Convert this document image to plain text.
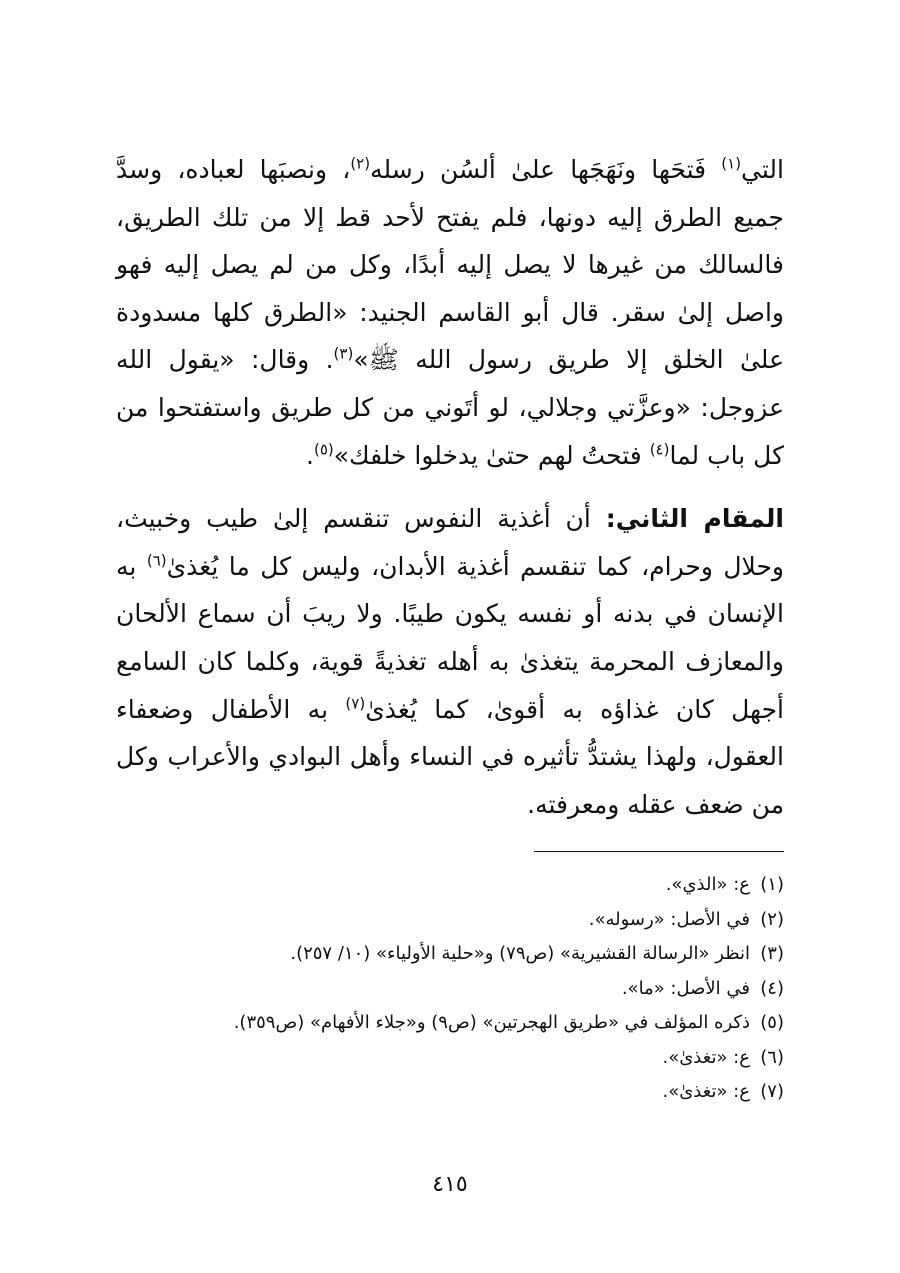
التي$^{(١)}$ فَتحَها ونَهَجَها علىٰ ألسُن رسله$^{(٢)}$، ونصبَها لعباده، وسدَّ جميع الطرق إليه دونها، فلم يفتح لأحد قط إلا من تلك الطريق، فالسالك من غيرها لا يصل إليه أبدًا، وكل من لم يصل إليه فهو واصل إلىٰ سقر. قال أبو القاسم الجنيد: «الطرق كلها مسدودة علىٰ الخلق إلا طريق رسول الله ﷺ»$^{(٣)}$. وقال: «يقول الله عزوجل: «وعزَّتي وجلالي، لو أتَوني من كل طريق واستفتحوا من كل باب لما$^{(٤)}$ فتحتُ لهم حتىٰ يدخلوا خلفك»$^{(٥)}$.

المقام الثاني: أن أغذية النفوس تنقسم إلىٰ طيب وخبيث، وحلال وحرام، كما تنقسم أغذية الأبدان، وليس كل ما يُغذىٰ$^{(٦)}$ به الإنسان في بدنه أو نفسه يكون طيبًا. ولا ريبَ أن سماع الألحان والمعازف المحرمة يتغذىٰ به أهله تغذيةً قوية، وكلما كان السامع أجهل كان غذاؤه به أقوىٰ، كما يُغذىٰ$^{(٧)}$ به الأطفال وضعفاء العقول، ولهذا يشتدُّ تأثيره في النساء وأهل البوادي والأعراب وكل من ضعف عقله ومعرفته.

(١)ع: «الذي».
(٢)في الأصل: «رسوله».
(٣)انظر «الرسالة القشيرية» (ص٧٩) و«حلية الأولياء» (١٠/ ٢٥٧).
(٤)في الأصل: «ما».
(٥)ذكره المؤلف في «طريق الهجرتين» (ص٩) و«جلاء الأفهام» (ص٣٥٩).
(٦)ع: «تغذىٰ».
(٧)ع: «تغذىٰ».
٤١٥
